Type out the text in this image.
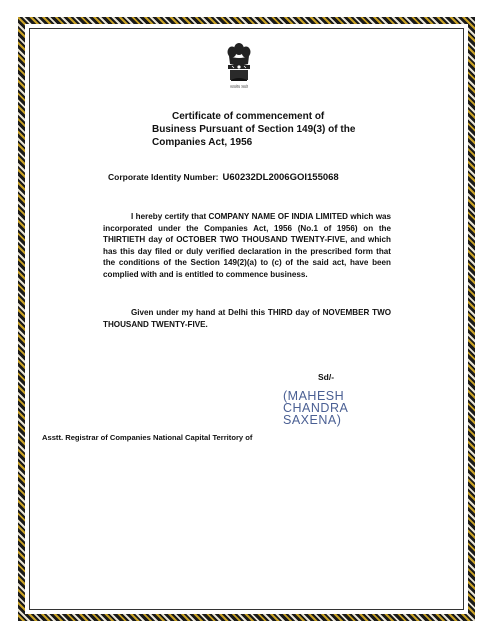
सत्यमेव जयते
Certificate of commencement of
Business Pursuant of Section 149(3) of the
Companies Act, 1956
Corporate Identity Number: U60232DL2006GOI155068
I hereby certify that COMPANY NAME OF INDIA LIMITED which was incorporated under the Companies Act, 1956 (No.1 of 1956) on the THIRTIETH day of OCTOBER TWO THOUSAND TWENTY-FIVE, and which has this day filed or duly verified declaration in the prescribed form that the conditions of the Section 149(2)(a) to (c) of the said act, have been complied with and is entitled to commence business.
Given under my hand at Delhi this THIRD day of NOVEMBER TWO THOUSAND TWENTY-FIVE.
Sd/-
(MAHESH
CHANDRA
SAXENA)
Asstt. Registrar of Companies National Capital Territory of
